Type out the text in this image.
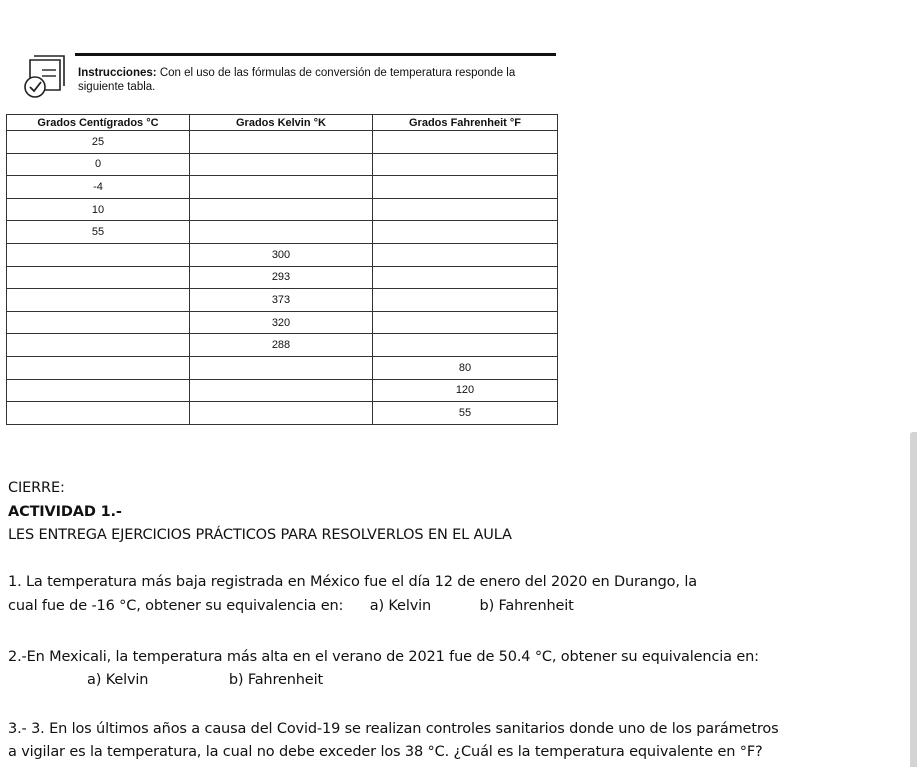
Instrucciones: Con el uso de las fórmulas de conversión de temperatura responde la siguiente tabla.
Grados Centígrados °C	Grados Kelvin °K	Grados Fahrenheit °F
25		
0		
-4		
10		
55		
	300	
	293	
	373	
	320	
	288	
		80
		120
		55
CIERRE:
ACTIVIDAD 1.-
LES ENTREGA EJERCICIOS PRÁCTICOS PARA RESOLVERLOS EN EL AULA
1. La temperatura más baja registrada en México fue el día 12 de enero del 2020 en Durango, la
cual fue de -16 °C, obtener su equivalencia en: a) Kelvin	b) Fahrenheit
2.-En Mexicali, la temperatura más alta en el verano de 2021 fue de 50.4 °C, obtener su equivalencia en:
a) Kelvin	b) Fahrenheit
3.- 3. En los últimos años a causa del Covid-19 se realizan controles sanitarios donde uno de los parámetros
a vigilar es la temperatura, la cual no debe exceder los 38 °C. ¿Cuál es la temperatura equivalente en °F?
